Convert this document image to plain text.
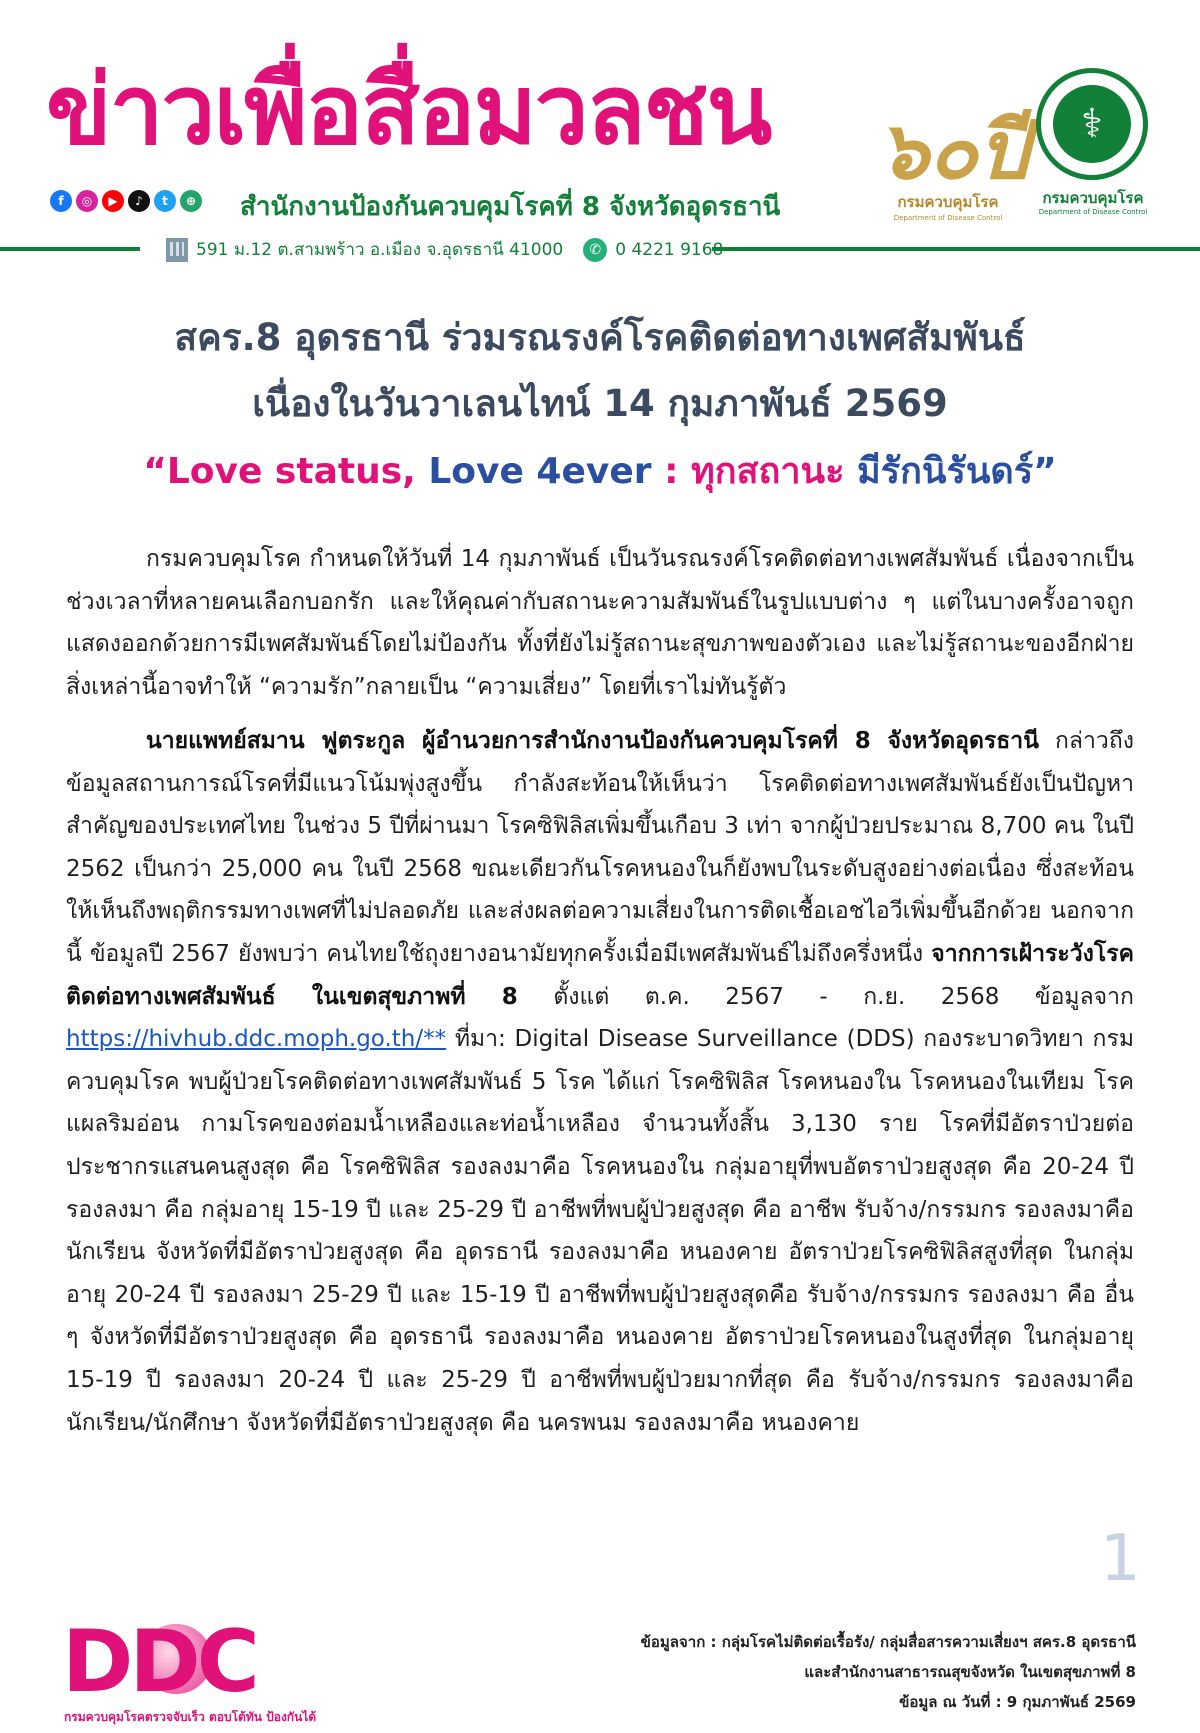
ข่าวเพื่อสื่อมวลชน
f	◎	▶	♪	t	⊕ สำนักงานป้องกันควบคุมโรคที่ 8 จังหวัดอุดรธานี
591 ม.12 ต.สามพร้าว อ.เมือง จ.อุดรธานี 41000	✆ 0 4221 9168
๖๐ปี
กรมควบคุมโรค
Department of Disease Control
⚕
กรมควบคุมโรค
Department of Disease Control
สคร.8 อุดรธานี ร่วมรณรงค์โรคติดต่อทางเพศสัมพันธ์
เนื่องในวันวาเลนไทน์ 14 กุมภาพันธ์ 2569
“Love status, Love 4ever : ทุกสถานะ มีรักนิรันดร์”

กรมควบคุมโรค กำหนดให้วันที่ 14 กุมภาพันธ์ เป็นวันรณรงค์โรคติดต่อทางเพศสัมพันธ์ เนื่องจากเป็นช่วงเวลาที่หลายคนเลือกบอกรัก และให้คุณค่ากับสถานะความสัมพันธ์ในรูปแบบต่าง ๆ แต่ในบางครั้งอาจถูกแสดงออกด้วยการมีเพศสัมพันธ์โดยไม่ป้องกัน ทั้งที่ยังไม่รู้สถานะสุขภาพของตัวเอง และไม่รู้สถานะของอีกฝ่าย สิ่งเหล่านี้อาจทำให้ “ความรัก”กลายเป็น “ความเสี่ยง” โดยที่เราไม่ทันรู้ตัว

นายแพทย์สมาน ฟูตระกูล ผู้อำนวยการสำนักงานป้องกันควบคุมโรคที่ 8 จังหวัดอุดรธานี กล่าวถึงข้อมูลสถานการณ์โรคที่มีแนวโน้มพุ่งสูงขึ้น กำลังสะท้อนให้เห็นว่า โรคติดต่อทางเพศสัมพันธ์ยังเป็นปัญหาสำคัญของประเทศไทย ในช่วง 5 ปีที่ผ่านมา โรคซิฟิลิสเพิ่มขึ้นเกือบ 3 เท่า จากผู้ป่วยประมาณ 8,700 คน ในปี 2562 เป็นกว่า 25,000 คน ในปี 2568 ขณะเดียวกันโรคหนองในก็ยังพบในระดับสูงอย่างต่อเนื่อง ซึ่งสะท้อนให้เห็นถึงพฤติกรรมทางเพศที่ไม่ปลอดภัย และส่งผลต่อความเสี่ยงในการติดเชื้อเอชไอวีเพิ่มขึ้นอีกด้วย นอกจากนี้ ข้อมูลปี 2567 ยังพบว่า คนไทยใช้ถุงยางอนามัยทุกครั้งเมื่อมีเพศสัมพันธ์ไม่ถึงครึ่งหนึ่ง จากการเฝ้าระวังโรคติดต่อทางเพศสัมพันธ์ ในเขตสุขภาพที่ 8 ตั้งแต่ ต.ค. 2567 - ก.ย. 2568 ข้อมูลจาก https://hivhub.ddc.moph.go.th/** ที่มา: Digital Disease Surveillance (DDS) กองระบาดวิทยา กรมควบคุมโรค พบผู้ป่วยโรคติดต่อทางเพศสัมพันธ์ 5 โรค ได้แก่ โรคซิฟิลิส โรคหนองใน โรคหนองในเทียม โรคแผลริมอ่อน กามโรคของต่อมน้ำเหลืองและท่อน้ำเหลือง จำนวนทั้งสิ้น 3,130 ราย โรคที่มีอัตราป่วยต่อประชากรแสนคนสูงสุด คือ โรคซิฟิลิส รองลงมาคือ โรคหนองใน กลุ่มอายุที่พบอัตราป่วยสูงสุด คือ 20-24 ปี รองลงมา คือ กลุ่มอายุ 15-19 ปี และ 25-29 ปี อาชีพที่พบผู้ป่วยสูงสุด คือ อาชีพ รับจ้าง/กรรมกร รองลงมาคือ นักเรียน จังหวัดที่มีอัตราป่วยสูงสุด คือ อุดรธานี รองลงมาคือ หนองคาย อัตราป่วยโรคซิฟิลิสสูงที่สุด ในกลุ่มอายุ 20-24 ปี รองลงมา 25-29 ปี และ 15-19 ปี อาชีพที่พบผู้ป่วยสูงสุดคือ รับจ้าง/กรรมกร รองลงมา คือ อื่น ๆ จังหวัดที่มีอัตราป่วยสูงสุด คือ อุดรธานี รองลงมาคือ หนองคาย อัตราป่วยโรคหนองในสูงที่สุด ในกลุ่มอายุ 15-19 ปี รองลงมา 20-24 ปี และ 25-29 ปี อาชีพที่พบผู้ป่วยมากที่สุด คือ รับจ้าง/กรรมกร รองลงมาคือ นักเรียน/นักศึกษา จังหวัดที่มีอัตราป่วยสูงสุด คือ นครพนม รองลงมาคือ หนองคาย

1
DDC
กรมควบคุมโรคตรวจจับเร็ว ตอบโต้ทัน ป้องกันได้
ข้อมูลจาก : กลุ่มโรคไม่ติดต่อเรื้อรัง/ กลุ่มสื่อสารความเสี่ยงฯ สคร.8 อุดรธานี
และสำนักงานสาธารณสุขจังหวัด ในเขตสุขภาพที่ 8
ข้อมูล ณ วันที่ : 9 กุมภาพันธ์ 2569
